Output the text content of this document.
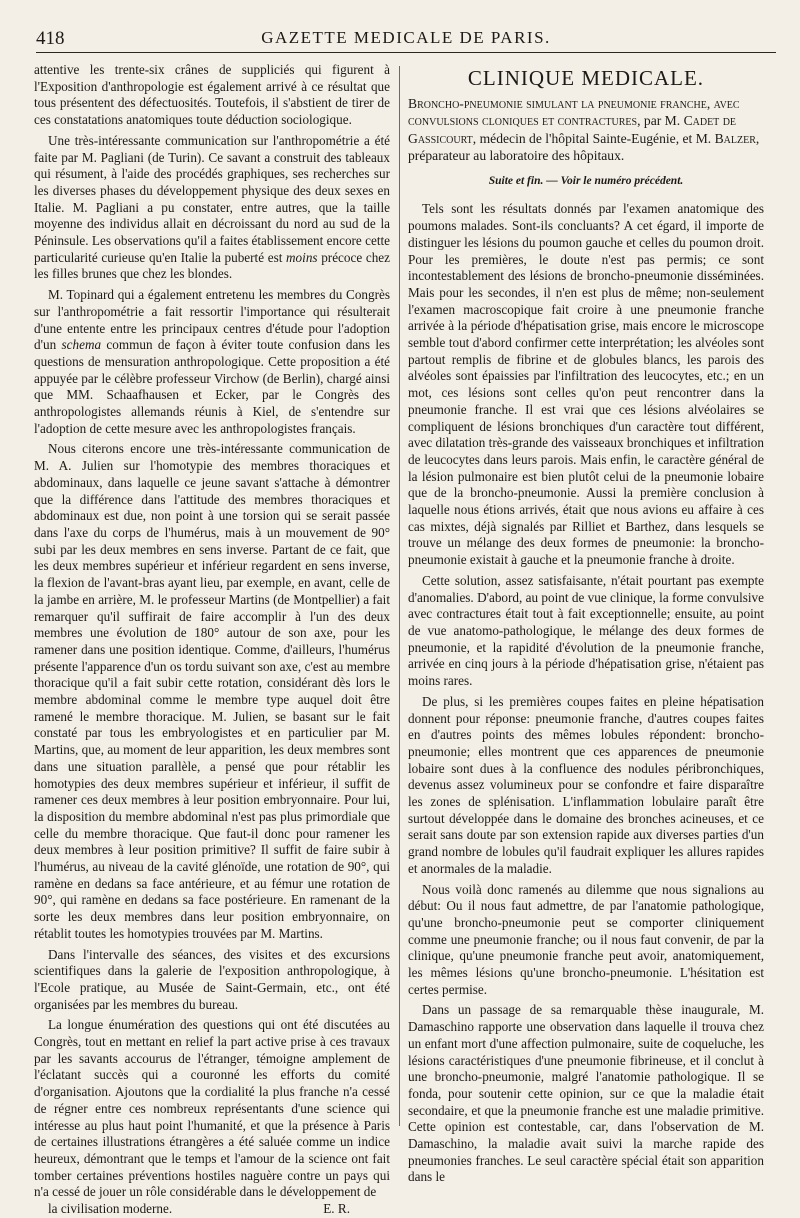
418	GAZETTE MEDICALE DE PARIS.

attentive les trente-six crânes de suppliciés qui figurent à l'Exposition d'anthropologie est également arrivé à ce résultat que tous présentent des défectuosités. Toutefois, il s'abstient de tirer de ces constatations anatomiques toute déduction sociologique.

Une très-intéressante communication sur l'anthropométrie a été faite par M. Pagliani (de Turin). Ce savant a construit des tableaux qui résument, à l'aide des procédés graphiques, ses recherches sur les diverses phases du développement physique des deux sexes en Italie. M. Pagliani a pu constater, entre autres, que la taille moyenne des individus allait en décroissant du nord au sud de la Péninsule. Les observations qu'il a faites établissement encore cette particularité curieuse qu'en Italie la puberté est moins précoce chez les filles brunes que chez les blondes.

M. Topinard qui a également entretenu les membres du Congrès sur l'anthropométrie a fait ressortir l'importance qui résulterait d'une entente entre les principaux centres d'étude pour l'adoption d'un schema commun de façon à éviter toute confusion dans les questions de mensuration anthropologique. Cette proposition a été appuyée par le célèbre professeur Virchow (de Berlin), chargé ainsi que MM. Schaafhausen et Ecker, par le Congrès des anthropologistes allemands réunis à Kiel, de s'entendre sur l'adoption de cette mesure avec les anthropologistes français.

Nous citerons encore une très-intéressante communication de M. A. Julien sur l'homotypie des membres thoraciques et abdominaux, dans laquelle ce jeune savant s'attache à démontrer que la différence dans l'attitude des membres thoraciques et abdominaux est due, non point à une torsion qui se serait passée dans l'axe du corps de l'humérus, mais à un mouvement de 90° subi par les deux membres en sens inverse. Partant de ce fait, que les deux membres supérieur et inférieur regardent en sens inverse, la flexion de l'avant-bras ayant lieu, par exemple, en avant, celle de la jambe en arrière, M. le professeur Martins (de Montpellier) a fait remarquer qu'il suffirait de faire accomplir à l'un des deux membres une évolution de 180° autour de son axe, pour les ramener dans une position identique. Comme, d'ailleurs, l'humérus présente l'apparence d'un os tordu suivant son axe, c'est au membre thoracique qu'il a fait subir cette rotation, considérant dès lors le membre abdominal comme le membre type auquel doit être ramené le membre thoracique. M. Julien, se basant sur le fait constaté par tous les embryologistes et en particulier par M. Martins, que, au moment de leur apparition, les deux membres sont dans une situation parallèle, a pensé que pour rétablir les homotypies des deux membres supérieur et inférieur, il suffit de ramener ces deux membres à leur position embryonnaire. Pour lui, la disposition du membre abdominal n'est pas plus primordiale que celle du membre thoracique. Que faut-il donc pour ramener les deux membres à leur position primitive? Il suffit de faire subir à l'humérus, au niveau de la cavité glénoïde, une rotation de 90°, qui ramène en dedans sa face antérieure, et au fémur une rotation de 90°, qui ramène en dedans sa face postérieure. En ramenant de la sorte les deux membres dans leur position embryonnaire, on rétablit toutes les homotypies trouvées par M. Martins.

Dans l'intervalle des séances, des visites et des excursions scientifiques dans la galerie de l'exposition anthropologique, à l'Ecole pratique, au Musée de Saint-Germain, etc., ont été organisées par les membres du bureau.

La longue énumération des questions qui ont été discutées au Congrès, tout en mettant en relief la part active prise à ces travaux par les savants accourus de l'étranger, témoigne amplement de l'éclatant succès qui a couronné les efforts du comité d'organisation. Ajoutons que la cordialité la plus franche n'a cessé de régner entre ces nombreux représentants d'une science qui intéresse au plus haut point l'humanité, et que la présence à Paris de certaines illustrations étrangères a été saluée comme un indice heureux, démontrant que le temps et l'amour de la science ont fait tomber certaines préventions hostiles naguère contre un pays qui n'a cessé de jouer un rôle considérable dans le développement de
la civilisation moderne.	E. R.

CLINIQUE MEDICALE.
Broncho-pneumonie simulant la pneumonie franche, avec convulsions cloniques et contractures, par M. Cadet de Gassicourt, médecin de l'hôpital Sainte-Eugénie, et M. Balzer, préparateur au laboratoire des hôpitaux.
Suite et fin. — Voir le numéro précédent.

Tels sont les résultats donnés par l'examen anatomique des poumons malades. Sont-ils concluants? A cet égard, il importe de distinguer les lésions du poumon gauche et celles du poumon droit. Pour les premières, le doute n'est pas permis; ce sont incontestablement des lésions de broncho-pneumonie disséminées. Mais pour les secondes, il n'en est plus de même; non-seulement l'examen macroscopique fait croire à une pneumonie franche arrivée à la période d'hépatisation grise, mais encore le microscope semble tout d'abord confirmer cette interprétation; les alvéoles sont partout remplis de fibrine et de globules blancs, les parois des alvéoles sont épaissies par l'infiltration des leucocytes, etc.; en un mot, ces lésions sont celles qu'on peut rencontrer dans la pneumonie franche. Il est vrai que ces lésions alvéolaires se compliquent de lésions bronchiques d'un caractère tout différent, avec dilatation très-grande des vaisseaux bronchiques et infiltration de leucocytes dans leurs parois. Mais enfin, le caractère général de la lésion pulmonaire est bien plutôt celui de la pneumonie lobaire que de la broncho-pneumonie. Aussi la première conclusion à laquelle nous étions arrivés, était que nous avions eu affaire à ces cas mixtes, déjà signalés par Rilliet et Barthez, dans lesquels se trouve un mélange des deux formes de pneumonie: la broncho-pneumonie existait à gauche et la pneumonie franche à droite.

Cette solution, assez satisfaisante, n'était pourtant pas exempte d'anomalies. D'abord, au point de vue clinique, la forme convulsive avec contractures était tout à fait exceptionnelle; ensuite, au point de vue anatomo-pathologique, le mélange des deux formes de pneumonie, et la rapidité d'évolution de la pneumonie franche, arrivée en cinq jours à la période d'hépatisation grise, n'étaient pas moins rares.

De plus, si les premières coupes faites en pleine hépatisation donnent pour réponse: pneumonie franche, d'autres coupes faites en d'autres points des mêmes lobules répondent: broncho-pneumonie; elles montrent que ces apparences de pneumonie lobaire sont dues à la confluence des nodules péribronchiques, devenus assez volumineux pour se confondre et faire disparaître les zones de splénisation. L'inflammation lobulaire paraît être surtout développée dans le domaine des bronches acineuses, et ce serait sans doute par son extension rapide aux diverses parties d'un grand nombre de lobules qu'il faudrait expliquer les allures rapides et anormales de la maladie.

Nous voilà donc ramenés au dilemme que nous signalions au début: Ou il nous faut admettre, de par l'anatomie pathologique, qu'une broncho-pneumonie peut se comporter cliniquement comme une pneumonie franche; ou il nous faut convenir, de par la clinique, qu'une pneumonie franche peut avoir, anatomiquement, les mêmes lésions qu'une broncho-pneumonie. L'hésitation est certes permise.

Dans un passage de sa remarquable thèse inaugurale, M. Damaschino rapporte une observation dans laquelle il trouva chez un enfant mort d'une affection pulmonaire, suite de coqueluche, les lésions caractéristiques d'une pneumonie fibrineuse, et il conclut à une broncho-pneumonie, malgré l'anatomie pathologique. Il se fonda, pour soutenir cette opinion, sur ce que la maladie était secondaire, et que la pneumonie franche est une maladie primitive. Cette opinion est contestable, car, dans l'observation de M. Damaschino, la maladie avait suivi la marche rapide des pneumonies franches. Le seul caractère spécial était son apparition dans le
